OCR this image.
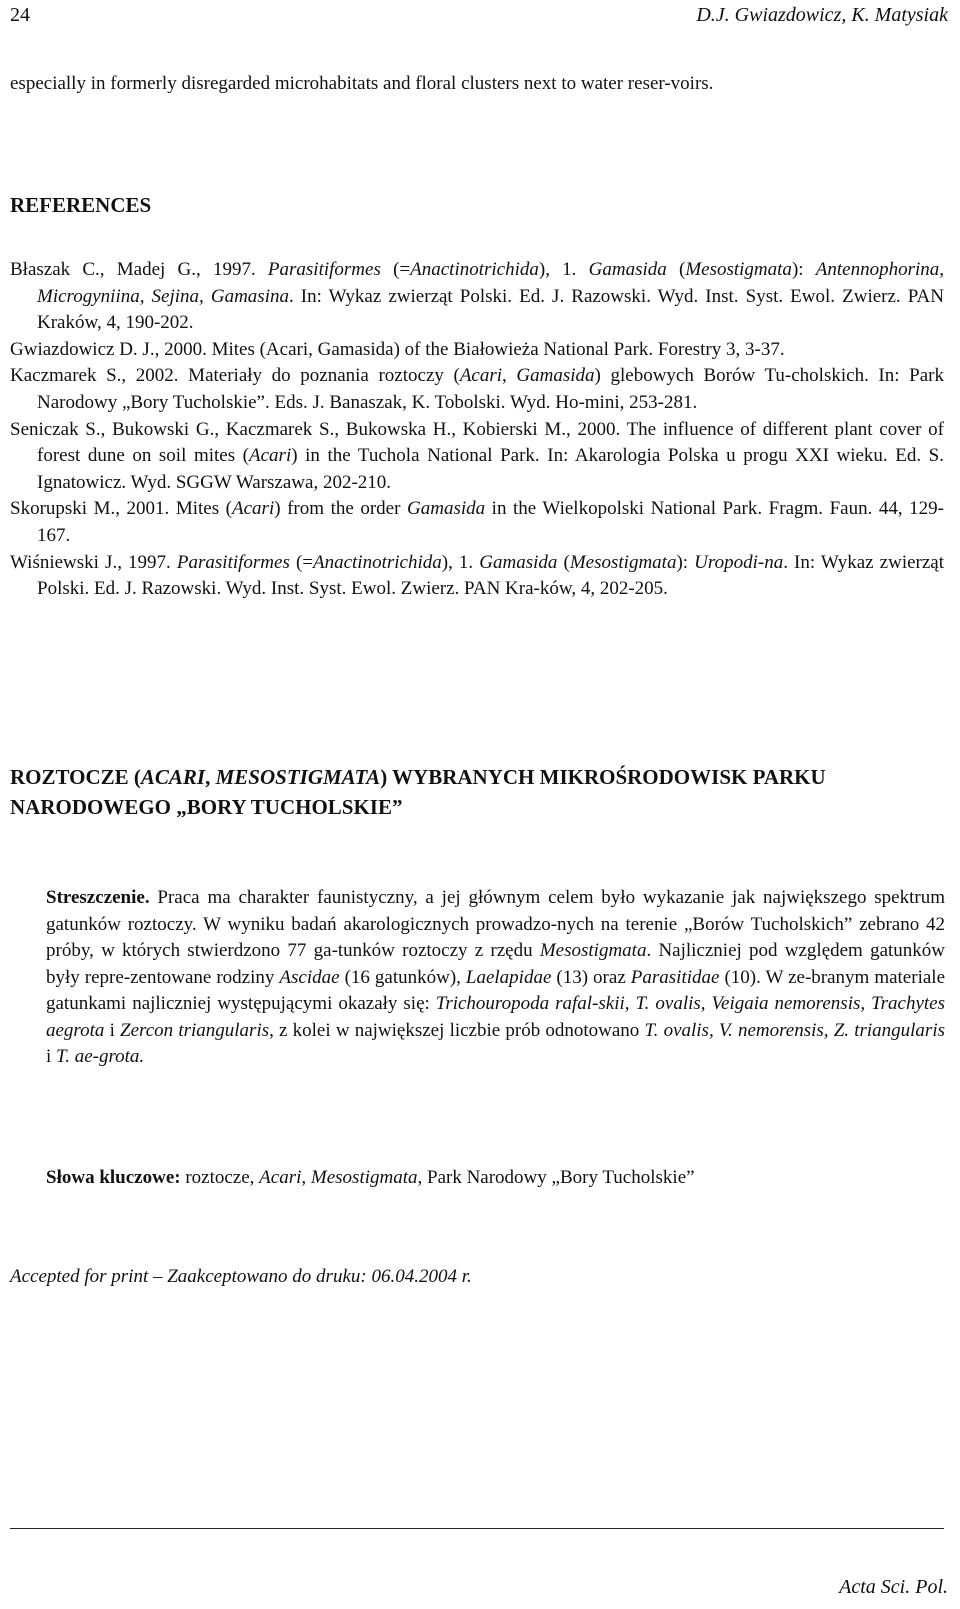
24	D.J. Gwiazdowicz, K. Matysiak

especially in formerly disregarded microhabitats and floral clusters next to water reser-voirs.

REFERENCES
Błaszak C., Madej G., 1997. Parasitiformes (=Anactinotrichida), 1. Gamasida (Mesostigmata): Antennophorina, Microgyniina, Sejina, Gamasina. In: Wykaz zwierząt Polski. Ed. J. Razowski. Wyd. Inst. Syst. Ewol. Zwierz. PAN Kraków, 4, 190-202.
Gwiazdowicz D. J., 2000. Mites (Acari, Gamasida) of the Białowieża National Park. Forestry 3, 3-37.
Kaczmarek S., 2002. Materiały do poznania roztoczy (Acari, Gamasida) glebowych Borów Tu-cholskich. In: Park Narodowy „Bory Tucholskie”. Eds. J. Banaszak, K. Tobolski. Wyd. Ho-mini, 253-281.
Seniczak S., Bukowski G., Kaczmarek S., Bukowska H., Kobierski M., 2000. The influence of different plant cover of forest dune on soil mites (Acari) in the Tuchola National Park. In: Akarologia Polska u progu XXI wieku. Ed. S. Ignatowicz. Wyd. SGGW Warszawa, 202-210.
Skorupski M., 2001. Mites (Acari) from the order Gamasida in the Wielkopolski National Park. Fragm. Faun. 44, 129-167.
Wiśniewski J., 1997. Parasitiformes (=Anactinotrichida), 1. Gamasida (Mesostigmata): Uropodi-na. In: Wykaz zwierząt Polski. Ed. J. Razowski. Wyd. Inst. Syst. Ewol. Zwierz. PAN Kra-ków, 4, 202-205.
ROZTOCZE (ACARI, MESOSTIGMATA) WYBRANYCH MIKROŚRODOWISK PARKU NARODOWEGO „BORY TUCHOLSKIE”

Streszczenie. Praca ma charakter faunistyczny, a jej głównym celem było wykazanie jak największego spektrum gatunków roztoczy. W wyniku badań akarologicznych prowadzo-nych na terenie „Borów Tucholskich” zebrano 42 próby, w których stwierdzono 77 ga-tunków roztoczy z rzędu Mesostigmata. Najliczniej pod względem gatunków były repre-zentowane rodziny Ascidae (16 gatunków), Laelapidae (13) oraz Parasitidae (10). W ze-branym materiale gatunkami najliczniej występującymi okazały się: Trichouropoda rafal-skii, T. ovalis, Veigaia nemorensis, Trachytes aegrota i Zercon triangularis, z kolei w największej liczbie prób odnotowano T. ovalis, V. nemorensis, Z. triangularis i T. ae-grota.

Słowa kluczowe: roztocze, Acari, Mesostigmata, Park Narodowy „Bory Tucholskie”

Accepted for print – Zaakceptowano do druku: 06.04.2004 r.

Acta Sci. Pol.
